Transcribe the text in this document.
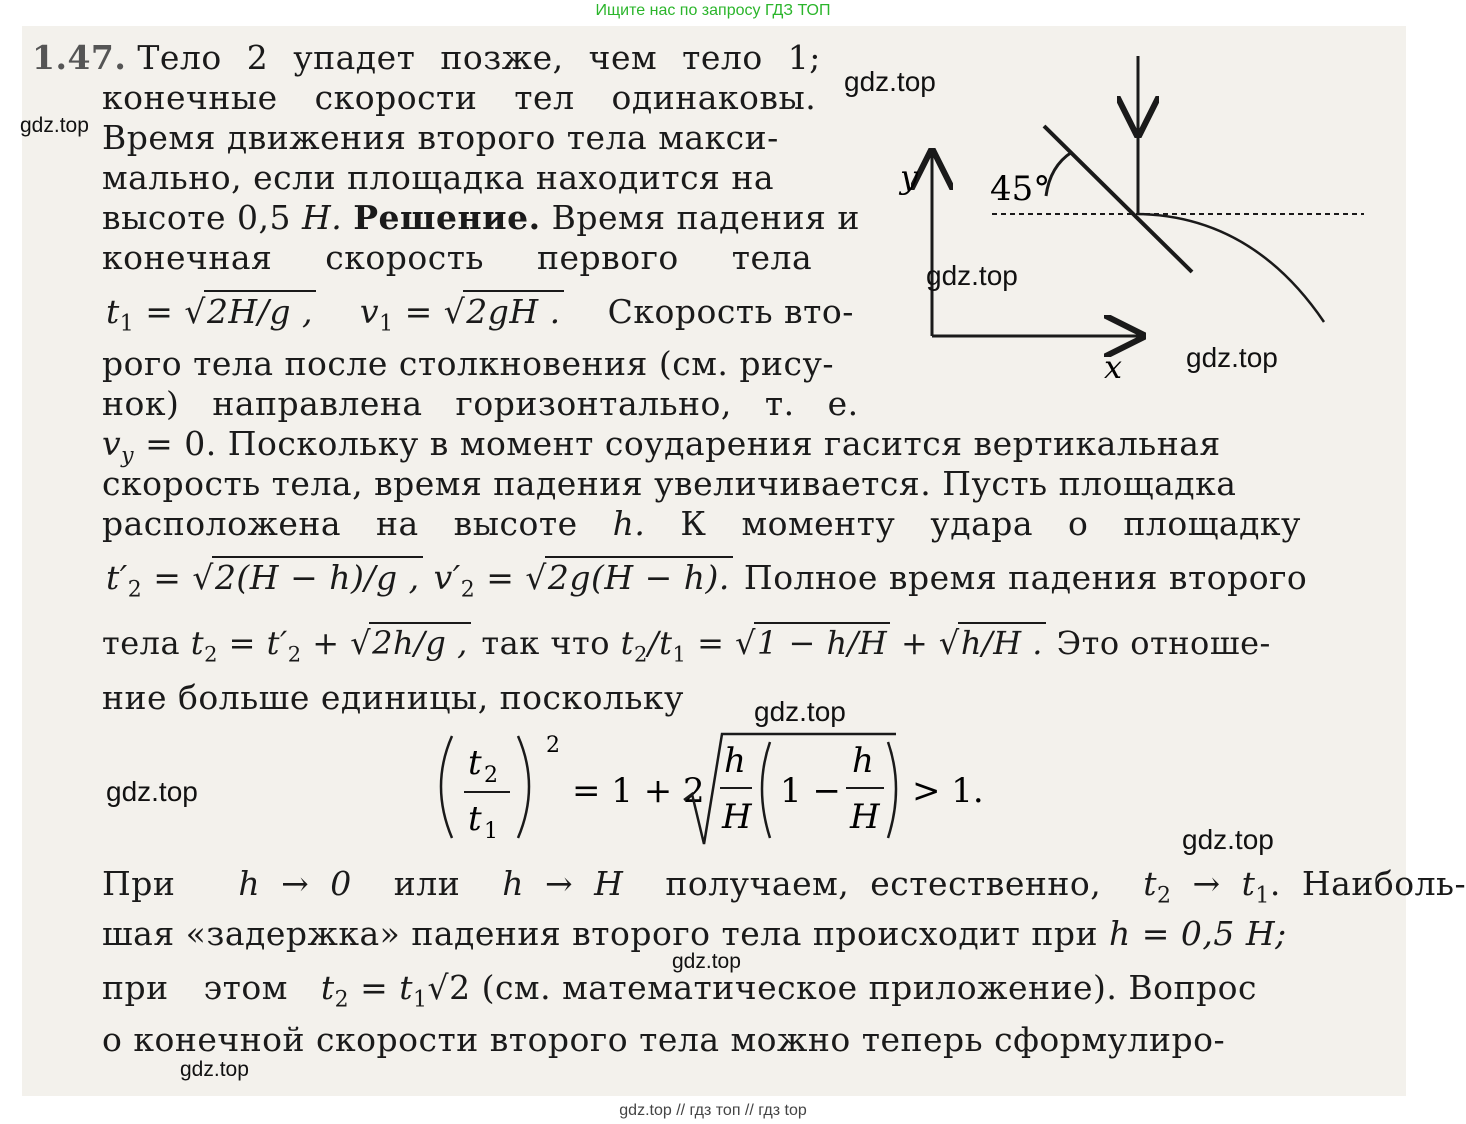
Ищите нас по запросу ГДЗ ТОП
1.47. Тело 2 упадет позже, чем тело 1;
конечные скорости тел одинаковы.
Время движения второго тела макси-
мально, если площадка находится на
высоте 0,5 H. Решение. Время падения и
конечная скорость первого тела
$t_1 = √2H/g$ , $v_1 = √2gH$ . Скорость вто-
рого тела после столкновения (см. рису-
нок) направлена горизонтально, т. е.
$v_y = 0$. Поскольку в момент соударения гасится вертикальная
скорость тела, время падения увеличивается. Пусть площадка
расположена на высоте h. К моменту удара о площадку
$t'_2 = √2(H - h)/g$ , $v'_2 = √2g(H - h)$. Полное время падения второго
тела $t_2 = t'_2 + √2h/g$ , так что $t_2/t_1 = √1 - h/H + √h/H$ . Это отноше-
ние больше единицы, поскольку
t 2
t 1
2
= 1 + 2
h
H
1 −
h
H
> 1.
При h → 0 или h → H получаем, естественно, $t_2 \to t_1$. Наиболь-
шая «задержка» падения второго тела происходит при h = 0,5 H;
при этом $t_2 = t_1√2$ (см. математическое приложение). Вопрос
о конечной скорости второго тела можно теперь сформулиро-
y
x
45°
gdz.top
gdz.top
gdz.top
gdz.top
gdz.top
gdz.top
gdz.top
gdz.top
gdz.top
gdz.top // гдз топ // гдз top
